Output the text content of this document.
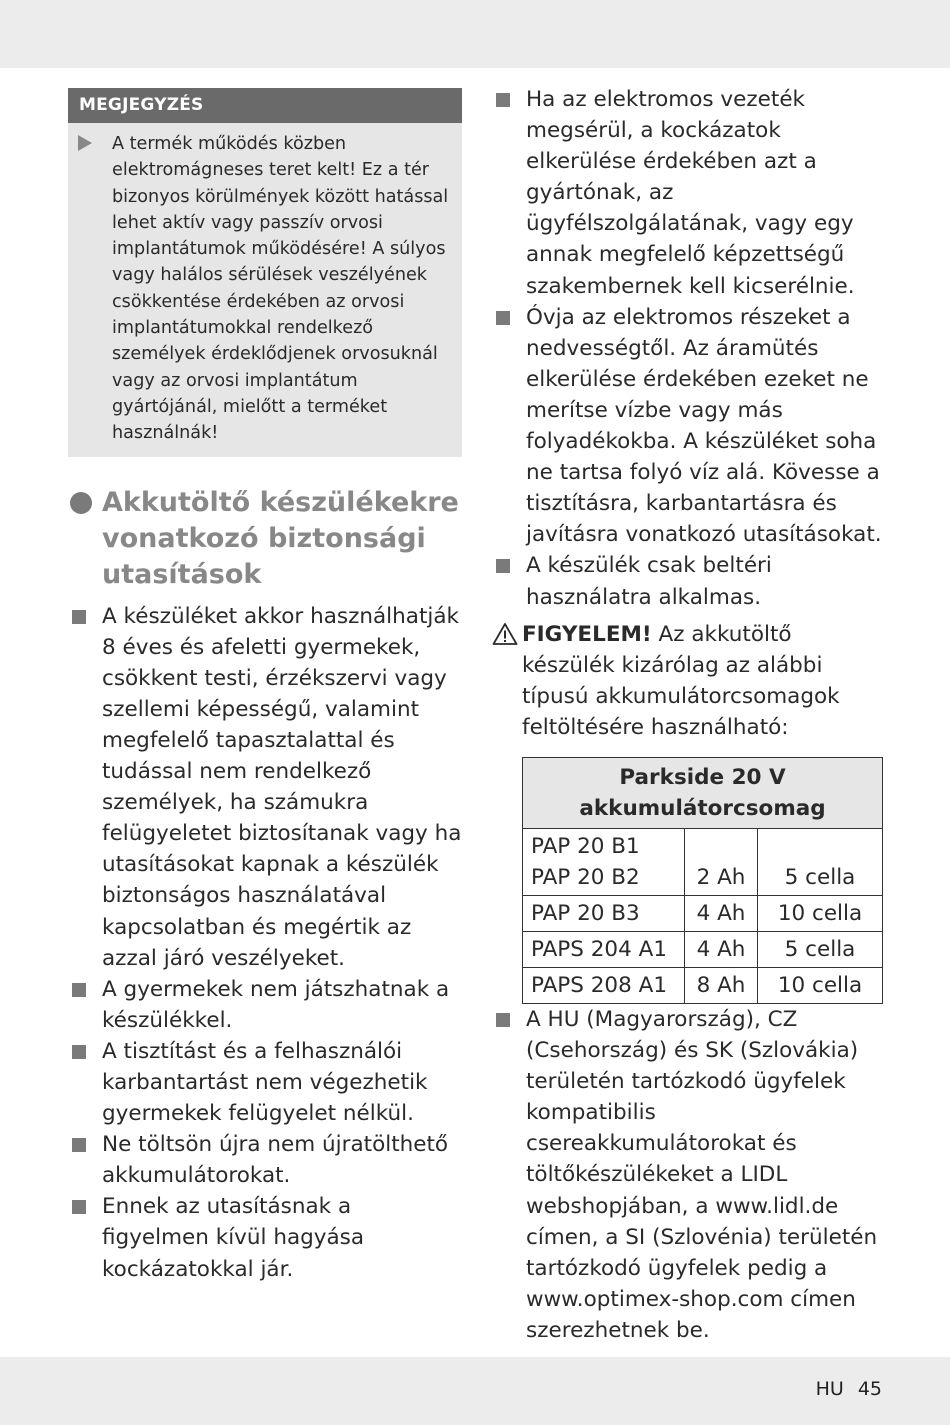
MEGJEGYZÉS
A termék működés közben elektromágneses teret kelt! Ez a tér bizonyos körülmények között hatással lehet aktív vagy passzív orvosi implantátumok működésére! A súlyos vagy halálos sérülések veszélyének csökkentése érdekében az orvosi implantátumokkal rendelkező személyek érdeklődjenek orvosuknál vagy az orvosi implantátum gyártójánál, mielőtt a terméket használnák!
Akkutöltő készülékekre vonatkozó biztonsági utasítások
A készüléket akkor használhatják 8 éves és afeletti gyermekek, csökkent testi, érzékszervi vagy szellemi képességű, valamint megfelelő tapasztalattal és tudással nem rendelkező személyek, ha számukra felügyeletet biztosítanak vagy ha utasításokat kapnak a készülék biztonságos használatával kapcsolatban és megértik az azzal járó veszélyeket.
A gyermekek nem játszhatnak a készülékkel.
A tisztítást és a felhasználói karbantartást nem végezhetik gyermekek felügyelet nélkül.
Ne töltsön újra nem újratölthető akkumulátorokat.
Ennek az utasításnak a figyelmen kívül hagyása kockázatokkal jár.
Ha az elektromos vezeték megsérül, a kockázatok elkerülése érdekében azt a gyártónak, az ügyfélszolgálatának, vagy egy annak megfelelő képzettségű szakembernek kell kicserélnie.
Óvja az elektromos részeket a nedvességtől. Az áramütés elkerülése érdekében ezeket ne merítse vízbe vagy más folyadékokba. A készüléket soha ne tartsa folyó víz alá. Kövesse a tisztításra, karbantartásra és javításra vonatkozó utasításokat.
A készülék csak beltéri használatra alkalmas.
FIGYELEM! Az akkutöltő készülék kizárólag az alábbi típusú akkumulátorcsomagok feltöltésére használható:
Parkside 20 V akkumulátorcsomag		

PAP 20 B1
PAP 20 B2	2 Ah	5 cella
PAP 20 B3	4 Ah	10 cella
PAPS 204 A1	4 Ah	5 cella
PAPS 208 A1	8 Ah	10 cella
A HU (Magyarország), CZ (Csehország) és SK (Szlovákia) területén tartózkodó ügyfelek kompatibilis csereakkumulátorokat és töltőkészülékeket a LIDL webshopjában, a www.lidl.de címen, a SI (Szlovénia) területén tartózkodó ügyfelek pedig a www.optimex-shop.com címen szerezhetnek be.
HU 45
